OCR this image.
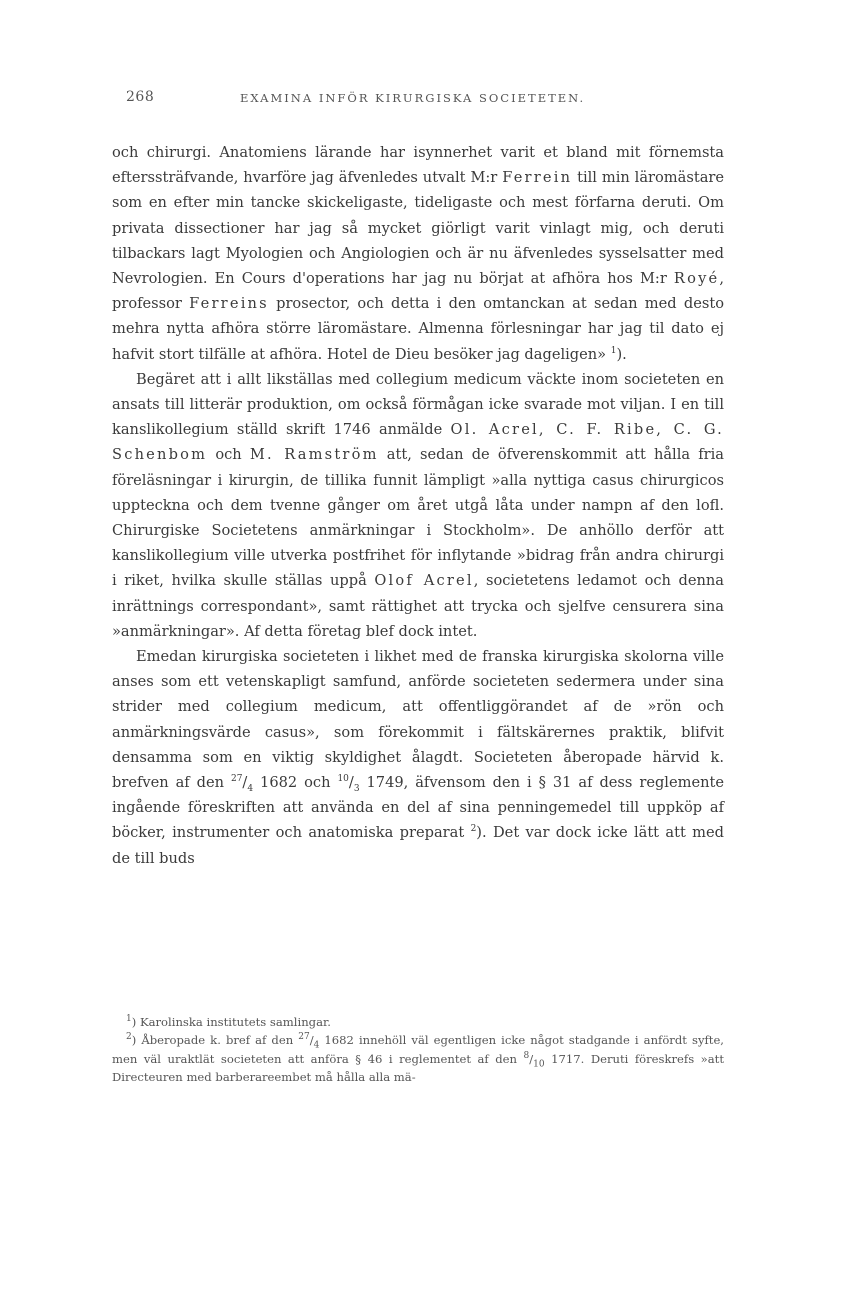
268	EXAMINA INFÖR KIRURGISKA SOCIETETEN.

och chirurgi. Anatomiens lärande har isynnerhet varit et bland mit förnemsta efterssträfvande, hvarföre jag äfvenledes utvalt M:r Ferrein till min läromästare som en efter min tancke skickeligaste, tideligaste och mest förfarna deruti. Om privata dissectioner har jag så mycket giörligt varit vinlagt mig, och deruti tilbackars lagt Myologien och Angiologien och är nu äfvenledes sysselsatter med Nevrologien. En Cours d'operations har jag nu börjat at afhöra hos M:r Royé, professor Ferreins prosector, och detta i den omtanckan at sedan med desto mehra nytta afhöra större läromästare. Almenna förlesningar har jag til dato ej hafvit stort tilfälle at afhöra. Hotel de Dieu besöker jag dageligen» $^1$).

Begäret att i allt likställas med collegium medicum väckte inom societeten en ansats till litterär produktion, om också förmågan icke svarade mot viljan. I en till kanslikollegium ställd skrift 1746 anmälde Ol. Acrel, C. F. Ribe, C. G. Schenbom och M. Ramström att, sedan de öfverenskommit att hålla fria föreläsningar i kirurgin, de tillika funnit lämpligt »alla nyttiga casus chirurgicos uppteckna och dem tvenne gånger om året utgå låta under nampn af den lofl. Chirurgiske Societetens anmärkningar i Stockholm». De anhöllo derför att kanslikollegium ville utverka postfrihet för inflytande »bidrag från andra chirurgi i riket, hvilka skulle ställas uppå Olof Acrel, societetens ledamot och denna inrättnings correspondant», samt rättighet att trycka och sjelfve censurera sina »anmärkningar». Af detta företag blef dock intet.

Emedan kirurgiska societeten i likhet med de franska kirurgiska skolorna ville anses som ett vetenskapligt samfund, anförde societeten sedermera under sina strider med collegium medicum, att offentliggörandet af de »rön och anmärkningsvärde casus», som förekommit i fältskärernes praktik, blifvit densamma som en viktig skyldighet ålagdt. Societeten åberopade härvid k. brefven af den $^{27}/_4$ 1682 och $^{10}/_3$ 1749, äfvensom den i § 31 af dess reglemente ingående föreskriften att använda en del af sina penningemedel till uppköp af böcker, instrumenter och anatomiska preparat $^2$). Det var dock icke lätt att med de till buds

$^1$) Karolinska institutets samlingar.

$^2$) Åberopade k. bref af den $^{27}/_4$ 1682 innehöll väl egentligen icke något stadgande i anfördt syfte, men väl uraktlät societeten att anföra § 46 i reglementet af den $^8/_{10}$ 1717. Deruti föreskrefs »att Directeuren med barberareembet må hålla alla mä-
